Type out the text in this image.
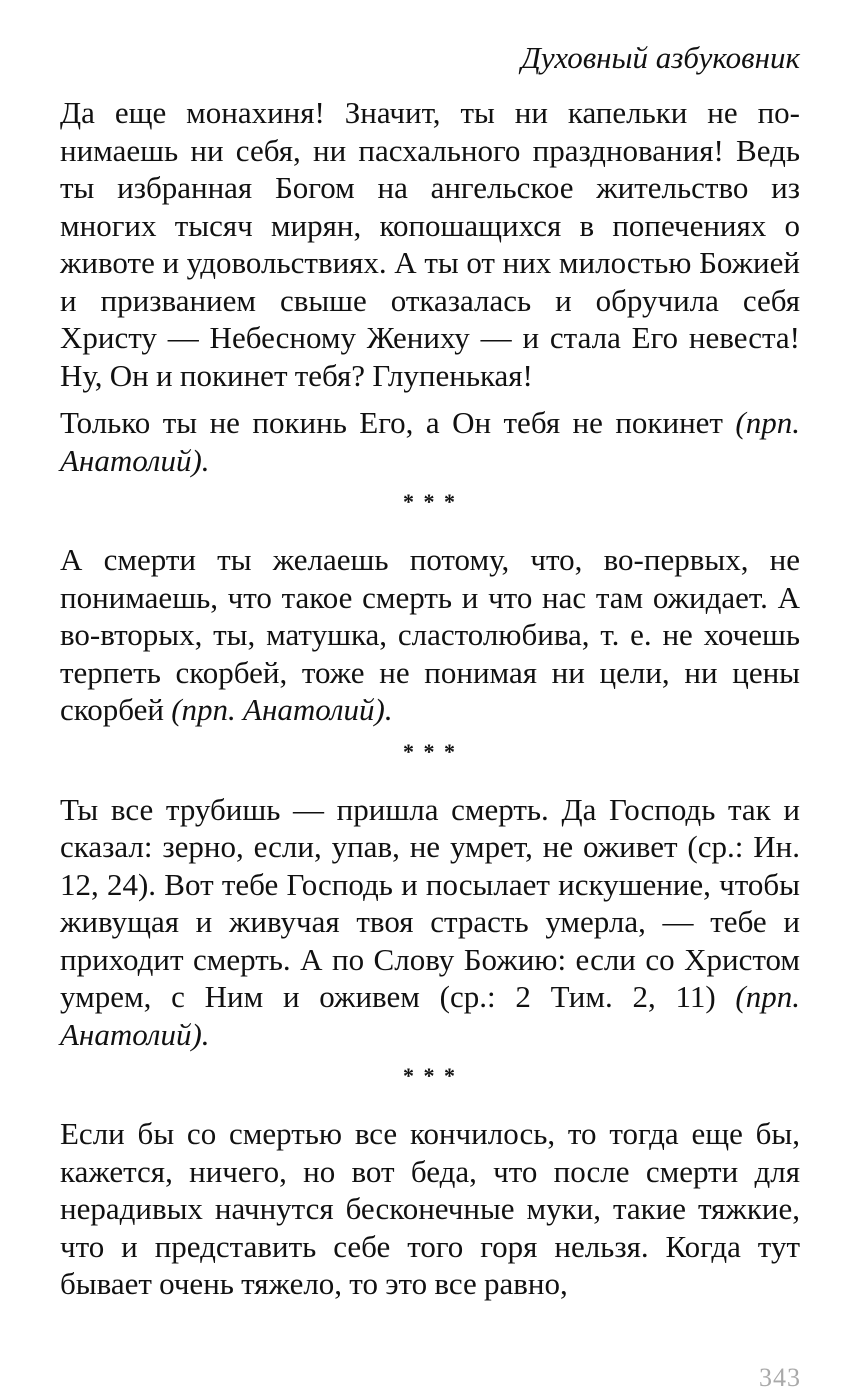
Духовный азбуковник

Да еще монахиня! Значит, ты ни капельки не понимаешь ни себя, ни пасхального празднования! Ведь ты избранная Богом на ангельское жительство из многих тысяч мирян, копошащихся в попечениях о животе и удовольствиях. А ты от них милостью Божией и призванием свыше отказалась и обручила себя Христу — Небесному Жениху — и стала Его невеста! Ну, Он и покинет тебя? Глупенькая!

Только ты не покинь Его, а Он тебя не покинет (прп. Анатолий).

* * *

А смерти ты желаешь потому, что, во-первых, не понимаешь, что такое смерть и что нас там ожидает. А во-вторых, ты, матушка, сластолюбива, т. е. не хочешь терпеть скорбей, тоже не понимая ни цели, ни цены скорбей (прп. Анатолий).

* * *

Ты все трубишь — пришла смерть. Да Господь так и сказал: зерно, если, упав, не умрет, не оживет (ср.: Ин. 12, 24). Вот тебе Господь и посылает искушение, чтобы живущая и живучая твоя страсть умерла, — тебе и приходит смерть. А по Слову Божию: если со Христом умрем, с Ним и оживем (ср.: 2 Тим. 2, 11) (прп. Анатолий).

* * *

Если бы со смертью все кончилось, то тогда еще бы, кажется, ничего, но вот беда, что после смерти для нерадивых начнутся бесконечные муки, такие тяжкие, что и представить себе того горя нельзя. Когда тут бывает очень тяжело, то это все равно,

343
